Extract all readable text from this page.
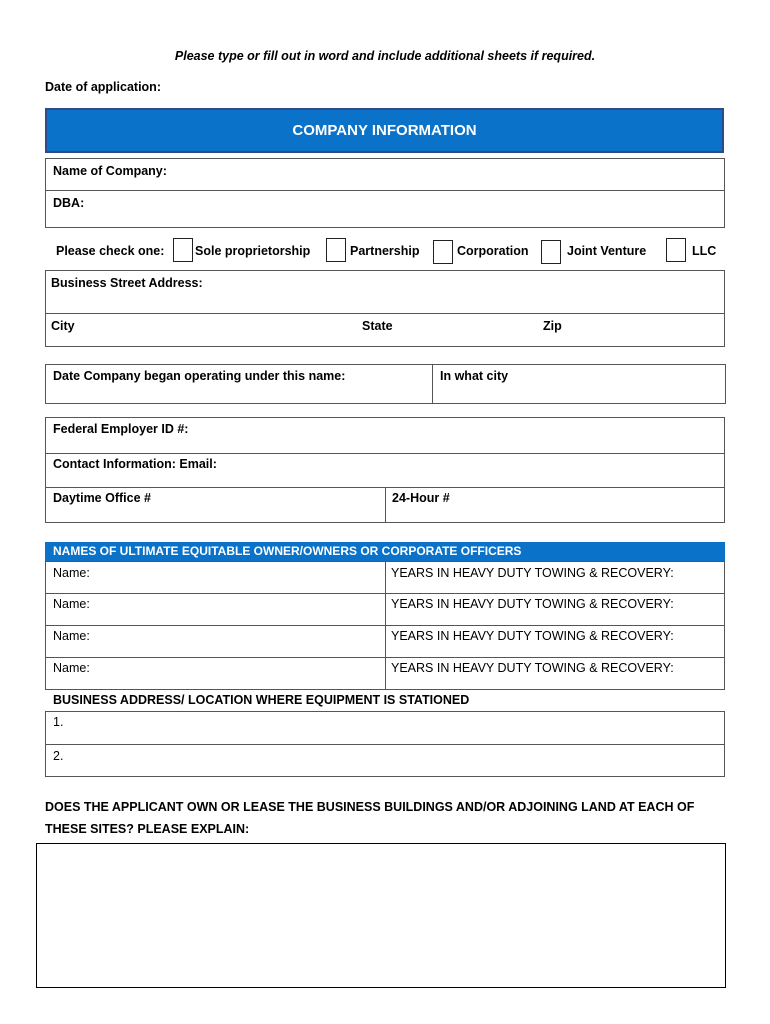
Please type or fill out in word and include additional sheets if required.
Date of application:
COMPANY INFORMATION
Name of Company:
DBA:
Please check one: Sole proprietorship	Partnership	Corporation	Joint Venture	LLC
Business Street Address:
City	State	Zip
Date Company began operating under this name:	In what city
Federal Employer ID #:
Contact Information: Email:
Daytime Office #	24-Hour #
NAMES OF ULTIMATE EQUITABLE OWNER/OWNERS OR CORPORATE OFFICERS
Name:	YEARS IN HEAVY DUTY TOWING & RECOVERY:
Name:	YEARS IN HEAVY DUTY TOWING & RECOVERY:
Name:	YEARS IN HEAVY DUTY TOWING & RECOVERY:
Name:	YEARS IN HEAVY DUTY TOWING & RECOVERY:
BUSINESS ADDRESS/ LOCATION WHERE EQUIPMENT IS STATIONED
1.
2.
DOES THE APPLICANT OWN OR LEASE THE BUSINESS BUILDINGS AND/OR ADJOINING LAND AT EACH OF
THESE SITES? PLEASE EXPLAIN:
